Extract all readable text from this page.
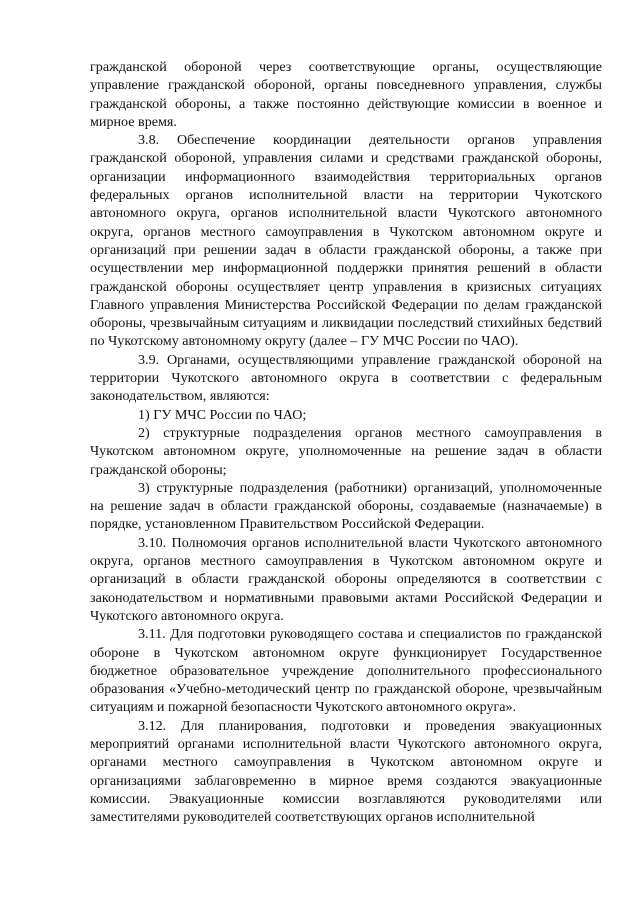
гражданской обороной через соответствующие органы, осуществляющие управление гражданской обороной, органы повседневного управления, службы гражданской обороны, а также постоянно действующие комиссии в военное и мирное время.

3.8. Обеспечение координации деятельности органов управления гражданской обороной, управления силами и средствами гражданской обороны, организации информационного взаимодействия территориальных органов федеральных органов исполнительной власти на территории Чукотского автономного округа, органов исполнительной власти Чукотского автономного округа, органов местного самоуправления в Чукотском автономном округе и организаций при решении задач в области гражданской обороны, а также при осуществлении мер информационной поддержки принятия решений в области гражданской обороны осуществляет центр управления в кризисных ситуациях Главного управления Министерства Российской Федерации по делам гражданской обороны, чрезвычайным ситуациям и ликвидации последствий стихийных бедствий по Чукотскому автономному округу (далее – ГУ МЧС России по ЧАО).

3.9. Органами, осуществляющими управление гражданской обороной на территории Чукотского автономного округа в соответствии с федеральным законодательством, являются:

1) ГУ МЧС России по ЧАО;

2) структурные подразделения органов местного самоуправления в Чукотском автономном округе, уполномоченные на решение задач в области гражданской обороны;

3) структурные подразделения (работники) организаций, уполномоченные на решение задач в области гражданской обороны, создаваемые (назначаемые) в порядке, установленном Правительством Российской Федерации.

3.10. Полномочия органов исполнительной власти Чукотского автономного округа, органов местного самоуправления в Чукотском автономном округе и организаций в области гражданской обороны определяются в соответствии с законодательством и нормативными правовыми актами Российской Федерации и Чукотского автономного округа.

3.11. Для подготовки руководящего состава и специалистов по гражданской обороне в Чукотском автономном округе функционирует Государственное бюджетное образовательное учреждение дополнительного профессионального образования «Учебно-методический центр по гражданской обороне, чрезвычайным ситуациям и пожарной безопасности Чукотского автономного округа».

3.12. Для планирования, подготовки и проведения эвакуационных мероприятий органами исполнительной власти Чукотского автономного округа, органами местного самоуправления в Чукотском автономном округе и организациями заблаговременно в мирное время создаются эвакуационные комиссии. Эвакуационные комиссии возглавляются руководителями или заместителями руководителей соответствующих органов исполнительной
